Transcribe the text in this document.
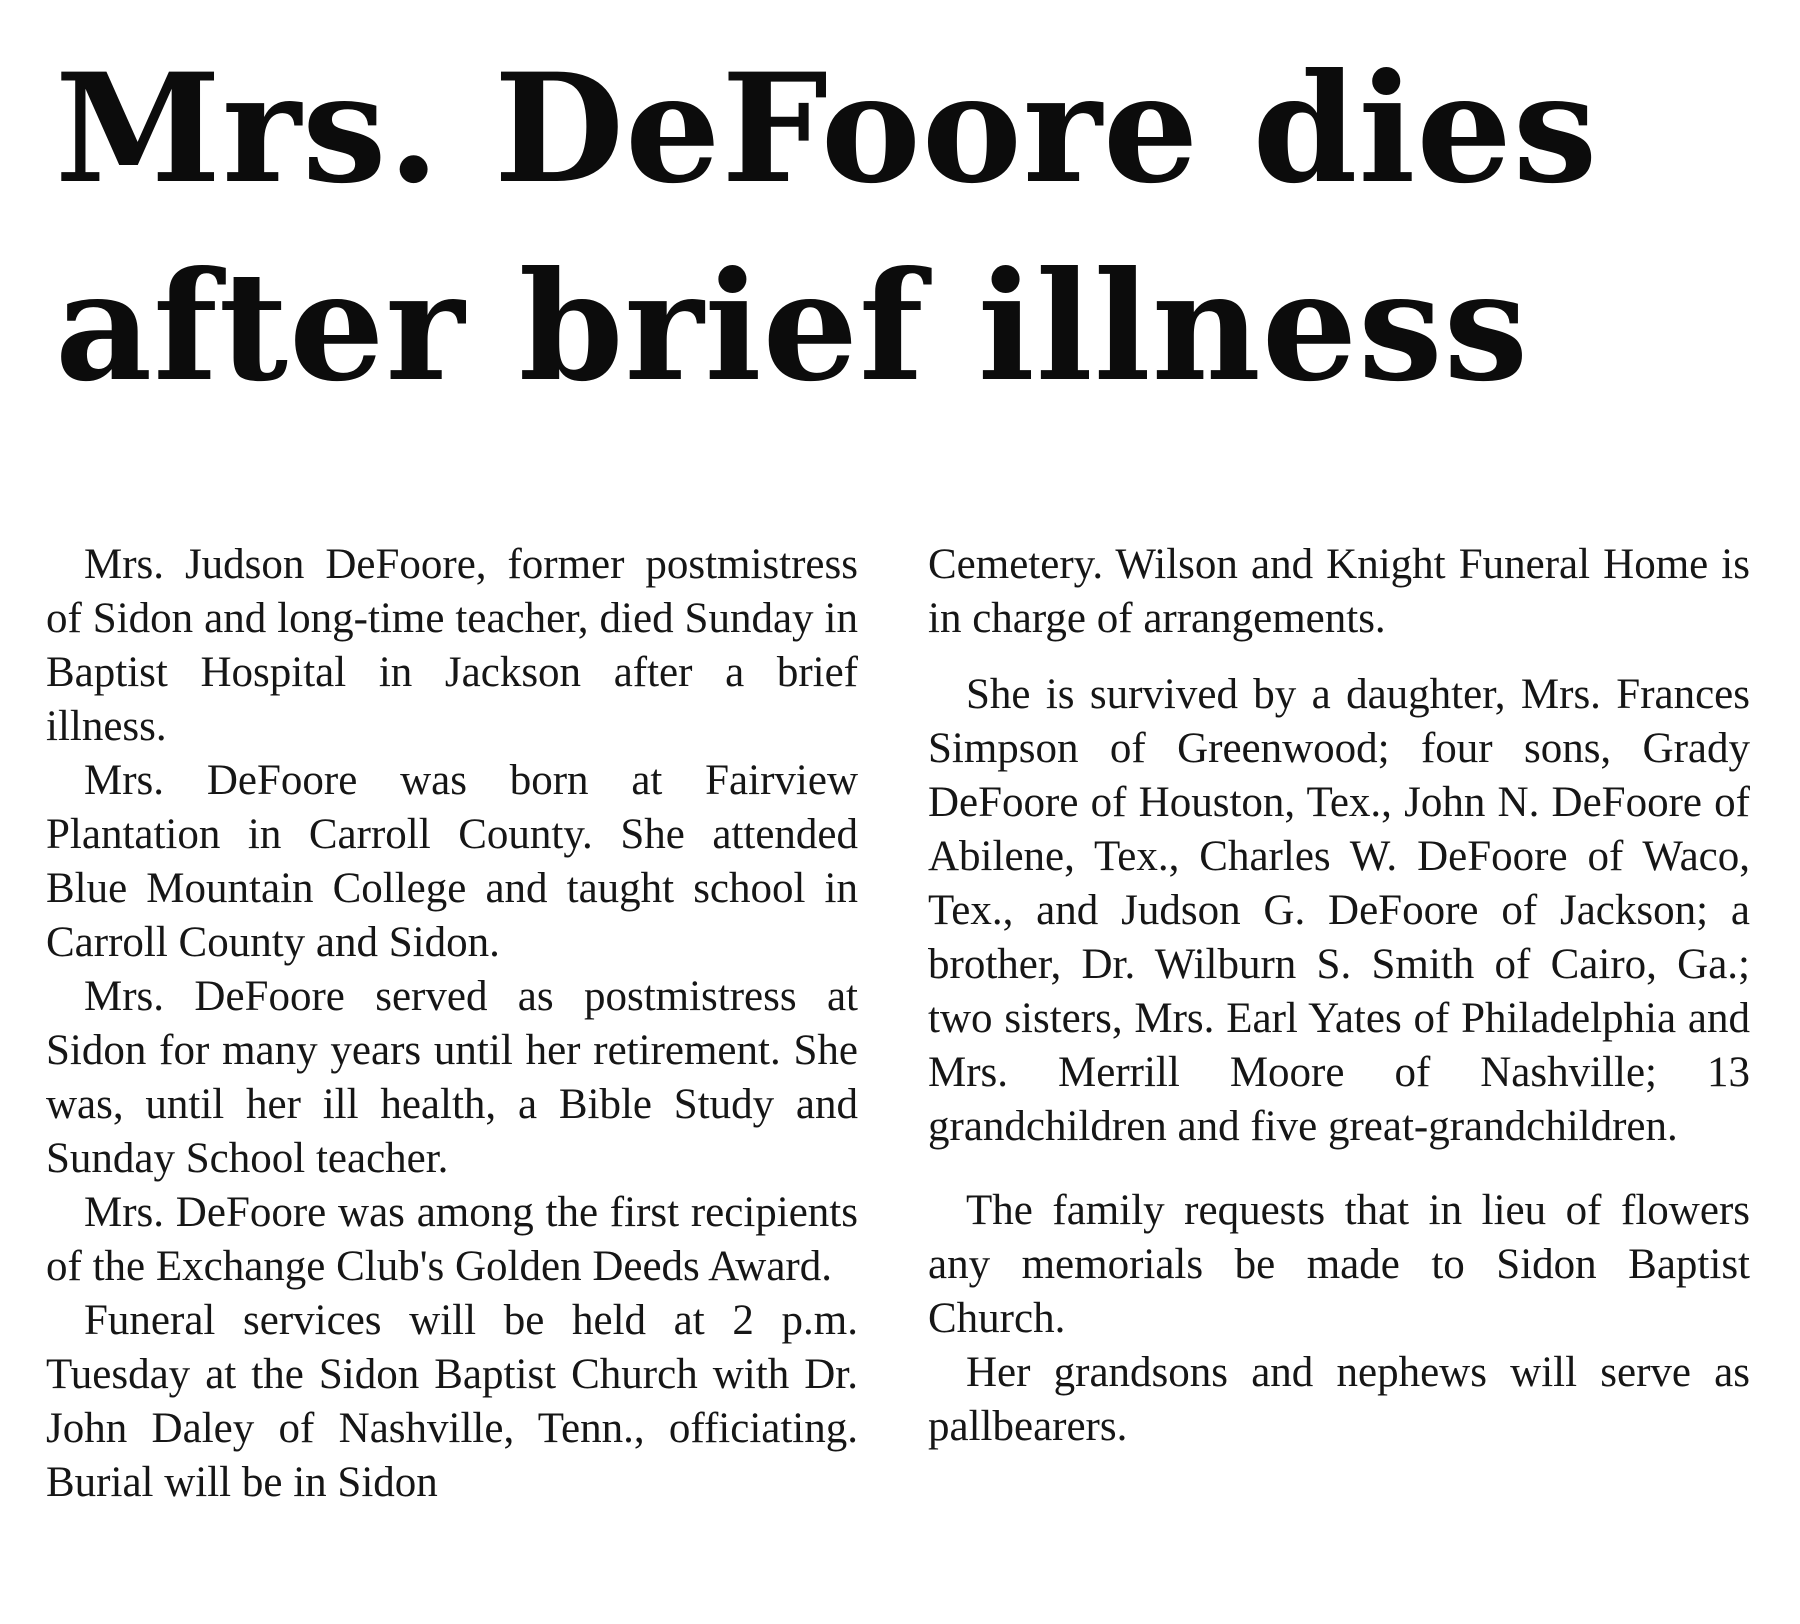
Mrs. DeFoore dies
after brief illness

Mrs. Judson DeFoore, former postmistress of Sidon and long-time teacher, died Sunday in Baptist Hospital in Jackson after a brief illness.

Mrs. DeFoore was born at Fairview Plantation in Carroll County. She attended Blue Mountain College and taught school in Carroll County and Sidon.

Mrs. DeFoore served as postmistress at Sidon for many years until her retirement. She was, until her ill health, a Bible Study and Sunday School teacher.

Mrs. DeFoore was among the first recipients of the Exchange Club's Golden Deeds Award.

Funeral services will be held at 2 p.m. Tuesday at the Sidon Baptist Church with Dr. John Daley of Nashville, Tenn., officiating. Burial will be in Sidon

Cemetery. Wilson and Knight Funeral Home is in charge of arrangements.

She is survived by a daughter, Mrs. Frances Simpson of Greenwood; four sons, Grady DeFoore of Houston, Tex., John N. DeFoore of Abilene, Tex., Charles W. DeFoore of Waco, Tex., and Judson G. DeFoore of Jackson; a brother, Dr. Wilburn S. Smith of Cairo, Ga.; two sisters, Mrs. Earl Yates of Philadelphia and Mrs. Merrill Moore of Nashville; 13 grandchildren and five great-grandchildren.

The family requests that in lieu of flowers any memorials be made to Sidon Baptist Church.

Her grandsons and nephews will serve as pallbearers.
